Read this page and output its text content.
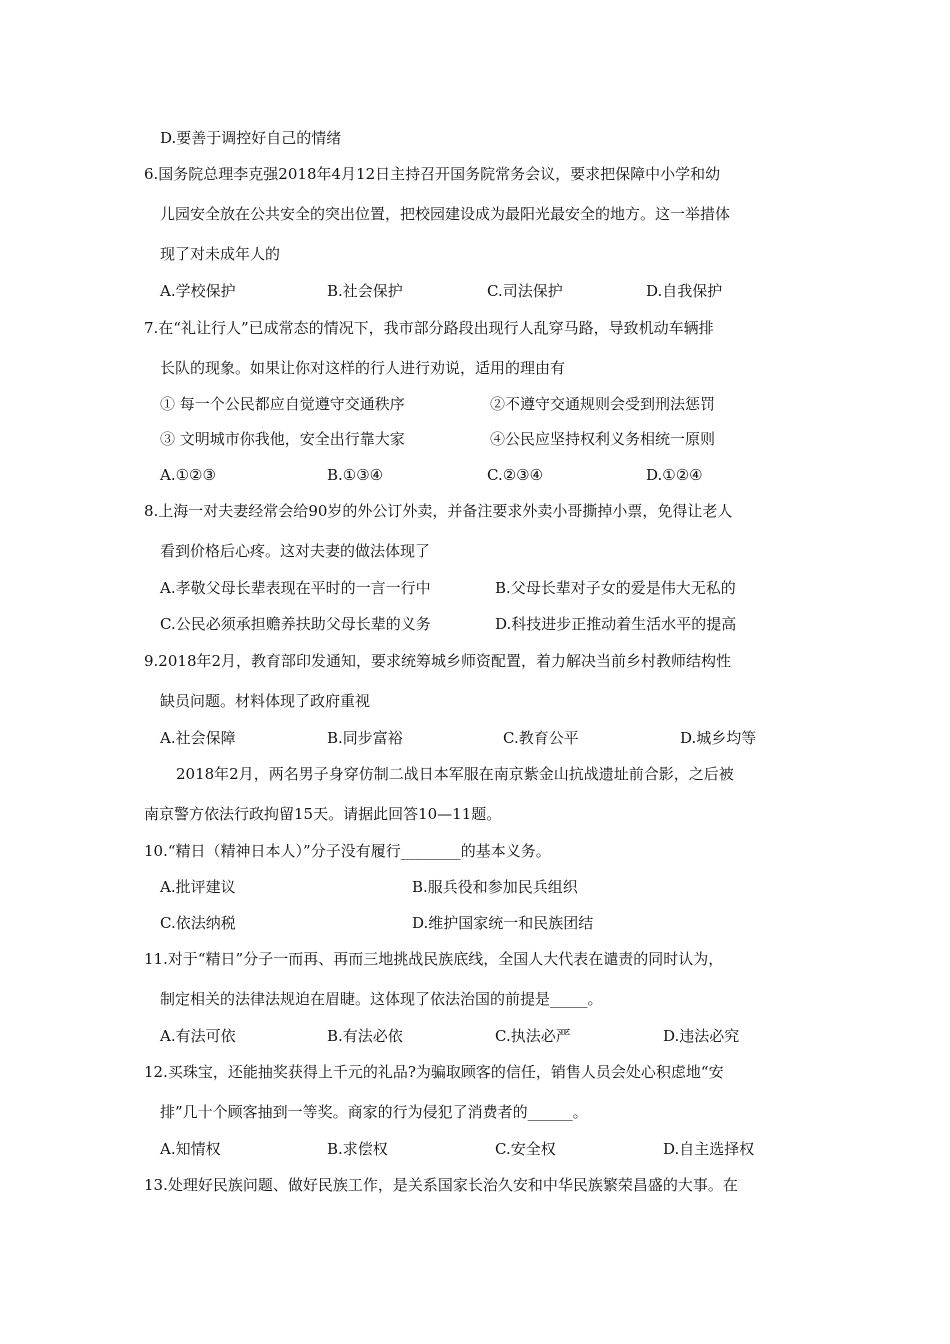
D.要善于调控好自己的情绪
6.国务院总理李克强2018年4月12日主持召开国务院常务会议，要求把保障中小学和幼
儿园安全放在公共安全的突出位置，把校园建设成为最阳光最安全的地方。这一举措体
现了对未成年人的
A.学校保护	B.社会保护	C.司法保护	D.自我保护
7.在“礼让行人”已成常态的情况下，我市部分路段出现行人乱穿马路，导致机动车辆排
长队的现象。如果让你对这样的行人进行劝说，适用的理由有
① 每一个公民都应自觉遵守交通秩序	②不遵守交通规则会受到刑法惩罚
③ 文明城市你我他，安全出行靠大家	④公民应坚持权利义务相统一原则
A.①②③	B.①③④	C.②③④	D.①②④
8.上海一对夫妻经常会给90岁的外公订外卖，并备注要求外卖小哥撕掉小票，免得让老人
看到价格后心疼。这对夫妻的做法体现了
A.孝敬父母长辈表现在平时的一言一行中	B.父母长辈对子女的爱是伟大无私的
C.公民必须承担赡养扶助父母长辈的义务	D.科技进步正推动着生活水平的提高
9.2018年2月，教育部印发通知，要求统筹城乡师资配置，着力解决当前乡村教师结构性
缺员问题。材料体现了政府重视
A.社会保障	B.同步富裕	C.教育公平	D.城乡均等
2018年2月，两名男子身穿仿制二战日本军服在南京紫金山抗战遗址前合影，之后被
南京警方依法行政拘留15天。请据此回答10—11题。
10.“精日（精神日本人）”分子没有履行________的基本义务。
A.批评建议	B.服兵役和参加民兵组织
C.依法纳税	D.维护国家统一和民族团结
11.对于“精日”分子一而再、再而三地挑战民族底线，全国人大代表在谴责的同时认为，
制定相关的法律法规迫在眉睫。这体现了依法治国的前提是_____。
A.有法可依	B.有法必依	C.执法必严	D.违法必究
12.买珠宝，还能抽奖获得上千元的礼品?为骗取顾客的信任，销售人员会处心积虑地“安
排”几十个顾客抽到一等奖。商家的行为侵犯了消费者的______。
A.知情权	B.求偿权	C.安全权	D.自主选择权
13.处理好民族问题、做好民族工作，是关系国家长治久安和中华民族繁荣昌盛的大事。在
